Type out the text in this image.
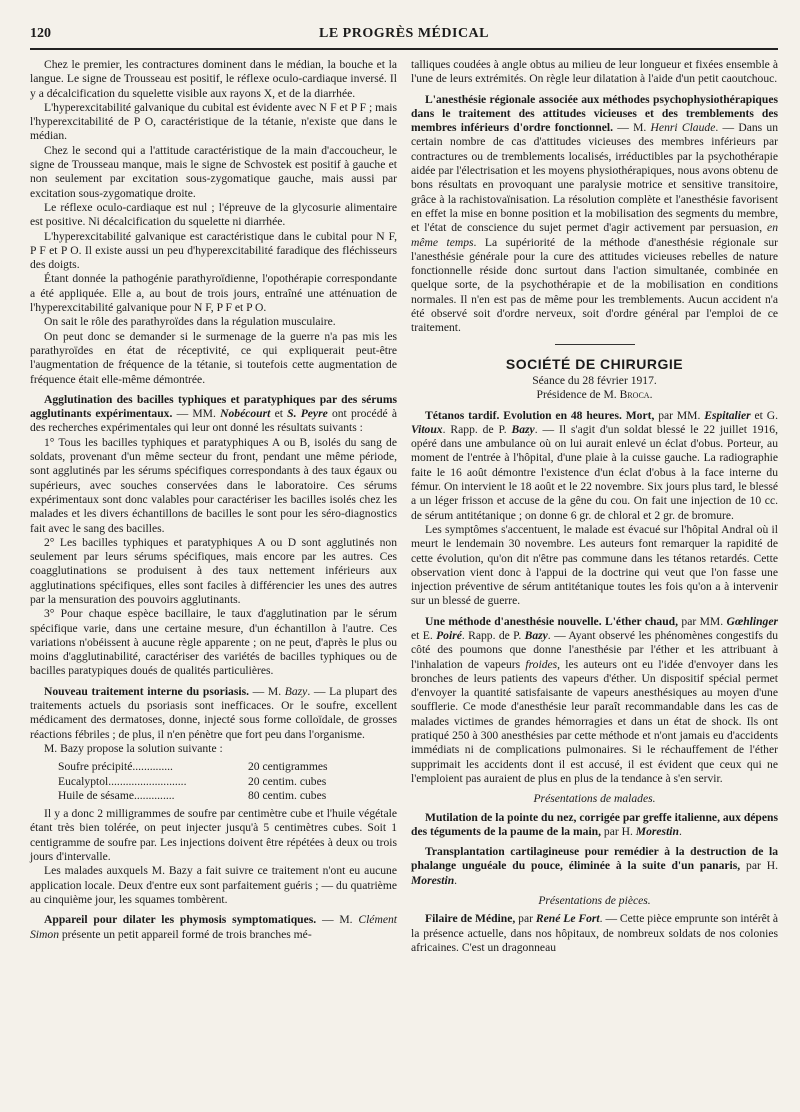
120	LE PROGRÈS MÉDICAL

Chez le premier, les contractures dominent dans le médian, la bouche et la langue. Le signe de Trousseau est positif, le réflexe oculo-cardiaque inversé. Il y a décalcification du squelette visible aux rayons X, et de la diarrhée.

L'hyperexcitabilité galvanique du cubital est évidente avec N F et P F ; mais l'hyperexcitabilité de P O, caractéristique de la tétanie, n'existe que dans le médian.

Chez le second qui a l'attitude caractéristique de la main d'accoucheur, le signe de Trousseau manque, mais le signe de Schvostek est positif à gauche et non seulement par excitation sous-zygomatique gauche, mais aussi par excitation sous-zygomatique droite.

Le réflexe oculo-cardiaque est nul ; l'épreuve de la glycosurie alimentaire est positive. Ni décalcification du squelette ni diarrhée.

L'hyperexcitabilité galvanique est caractéristique dans le cubital pour N F, P F et P O. Il existe aussi un peu d'hyperexcitabilité faradique des fléchisseurs des doigts.

Étant donnée la pathogénie parathyroïdienne, l'opothérapie correspondante a été appliquée. Elle a, au bout de trois jours, entraîné une atténuation de l'hyperexcitabilité galvanique pour N F, P F et P O.

On sait le rôle des parathyroïdes dans la régulation musculaire.

On peut donc se demander si le surmenage de la guerre n'a pas mis les parathyroïdes en état de réceptivité, ce qui expliquerait peut-être l'augmentation de fréquence de la tétanie, si toutefois cette augmentation de fréquence était elle-même démontrée.

Agglutination des bacilles typhiques et paratyphiques par des sérums agglutinants expérimentaux. — MM. Nobécourt et S. Peyre ont procédé à des recherches expérimentales qui leur ont donné les résultats suivants :

1° Tous les bacilles typhiques et paratyphiques A ou B, isolés du sang de soldats, provenant d'un même secteur du front, pendant une même période, sont agglutinés par les sérums spécifiques correspondants à des taux égaux ou supérieurs, avec souches conservées dans le laboratoire. Ces sérums expérimentaux sont donc valables pour caractériser les bacilles isolés chez les malades et les divers échantillons de bacilles le sont pour les séro-diagnostics fait avec le sang des bacilles.

2° Les bacilles typhiques et paratyphiques A ou D sont agglutinés non seulement par leurs sérums spécifiques, mais encore par les autres. Ces coagglutinations se produisent à des taux nettement inférieurs aux agglutinations spécifiques, elles sont faciles à différencier les unes des autres par la mensuration des pouvoirs agglutinants.

3° Pour chaque espèce bacillaire, le taux d'agglutination par le sérum spécifique varie, dans une certaine mesure, d'un échantillon à l'autre. Ces variations n'obéissent à aucune règle apparente ; on ne peut, d'après le plus ou moins d'agglutinabilité, caractériser des variétés de bacilles typhiques ou de bacilles paratypiques doués de qualités particulières.

Nouveau traitement interne du psoriasis. — M. Bazy. — La plupart des traitements actuels du psoriasis sont inefficaces. Or le soufre, excellent médicament des dermatoses, donne, injecté sous forme colloïdale, de grosses réactions fébriles ; de plus, il n'en pénètre que fort peu dans l'organisme.

M. Bazy propose la solution suivante :

Soufre précipité..............	20 centigrammes
Eucalyptol...........................	20 centim. cubes
Huile de sésame..............	80 centim. cubes

Il y a donc 2 milligrammes de soufre par centimètre cube et l'huile végétale étant très bien tolérée, on peut injecter jusqu'à 5 centimètres cubes. Soit 1 centigramme de soufre par. Les injections doivent être répétées à deux ou trois jours d'intervalle.

Les malades auxquels M. Bazy a fait suivre ce traitement n'ont eu aucune application locale. Deux d'entre eux sont parfaitement guéris ; — du quatrième au cinquième jour, les squames tombèrent.

Appareil pour dilater les phymosis symptomatiques. — M. Clément Simon présente un petit appareil formé de trois branches mé-

talliques coudées à angle obtus au milieu de leur longueur et fixées ensemble à l'une de leurs extrémités. On règle leur dilatation à l'aide d'un petit caoutchouc.

L'anesthésie régionale associée aux méthodes psychophysiothérapiques dans le traitement des attitudes vicieuses et des tremblements des membres inférieurs d'ordre fonctionnel. — M. Henri Claude. — Dans un certain nombre de cas d'attitudes vicieuses des membres inférieurs par contractures ou de tremblements localisés, irréductibles par la psychothérapie aidée par l'électrisation et les moyens physiothérapiques, nous avons obtenu de bons résultats en provoquant une paralysie motrice et sensitive transitoire, grâce à la rachistovaïnisation. La résolution complète et l'anesthésie favorisent en effet la mise en bonne position et la mobilisation des segments du membre, et l'état de conscience du sujet permet d'agir activement par persuasion, en même temps. La supériorité de la méthode d'anesthésie régionale sur l'anesthésie générale pour la cure des attitudes vicieuses rebelles de nature fonctionnelle réside donc surtout dans l'action simultanée, combinée en quelque sorte, de la psychothérapie et de la mobilisation en conditions normales. Il n'en est pas de même pour les tremblements. Aucun accident n'a été observé soit d'ordre nerveux, soit d'ordre général par l'emploi de ce traitement.

SOCIÉTÉ DE CHIRURGIE

Séance du 28 février 1917.

Présidence de M. Broca.

Tétanos tardif. Evolution en 48 heures. Mort, par MM. Espitalier et G. Vitoux. Rapp. de P. Bazy. — Il s'agit d'un soldat blessé le 22 juillet 1916, opéré dans une ambulance où on lui aurait enlevé un éclat d'obus. Porteur, au moment de l'entrée à l'hôpital, d'une plaie à la cuisse gauche. La radiographie faite le 16 août démontre l'existence d'un éclat d'obus à la face interne du fémur. On intervient le 18 août et le 22 novembre. Six jours plus tard, le blessé a un léger frisson et accuse de la gêne du cou. On fait une injection de 10 cc. de sérum antitétanique ; on donne 6 gr. de chloral et 2 gr. de bromure.

Les symptômes s'accentuent, le malade est évacué sur l'hôpital Andral où il meurt le lendemain 30 novembre. Les auteurs font remarquer la rapidité de cette évolution, qu'on dit n'être pas commune dans les tétanos retardés. Cette observation vient donc à l'appui de la doctrine qui veut que l'on fasse une injection préventive de sérum antitétanique toutes les fois qu'on a à intervenir sur un blessé de guerre.

Une méthode d'anesthésie nouvelle. L'éther chaud, par MM. Gœhlinger et E. Poiré. Rapp. de P. Bazy. — Ayant observé les phénomènes congestifs du côté des poumons que donne l'anesthésie par l'éther et les attribuant à l'inhalation de vapeurs froides, les auteurs ont eu l'idée d'envoyer dans les bronches de leurs patients des vapeurs d'éther. Un dispositif spécial permet d'envoyer la quantité satisfaisante de vapeurs anesthésiques au moyen d'une soufflerie. Ce mode d'anesthésie leur paraît recommandable dans les cas de malades victimes de grandes hémorragies et dans un état de shock. Ils ont pratiqué 250 à 300 anesthésies par cette méthode et n'ont jamais eu d'accidents immédiats ni de complications pulmonaires. Si le réchauffement de l'éther supprimait les accidents dont il est accusé, il est évident que ceux qui ne l'emploient pas auraient de plus en plus de la tendance à s'en servir.

Présentations de malades.

Mutilation de la pointe du nez, corrigée par greffe italienne, aux dépens des téguments de la paume de la main, par H. Morestin.

Transplantation cartilagineuse pour remédier à la destruction de la phalange unguéale du pouce, éliminée à la suite d'un panaris, par H. Morestin.

Présentations de pièces.

Filaire de Médine, par René Le Fort. — Cette pièce emprunte son intérêt à la présence actuelle, dans nos hôpitaux, de nombreux soldats de nos colonies africaines. C'est un dragonneau
